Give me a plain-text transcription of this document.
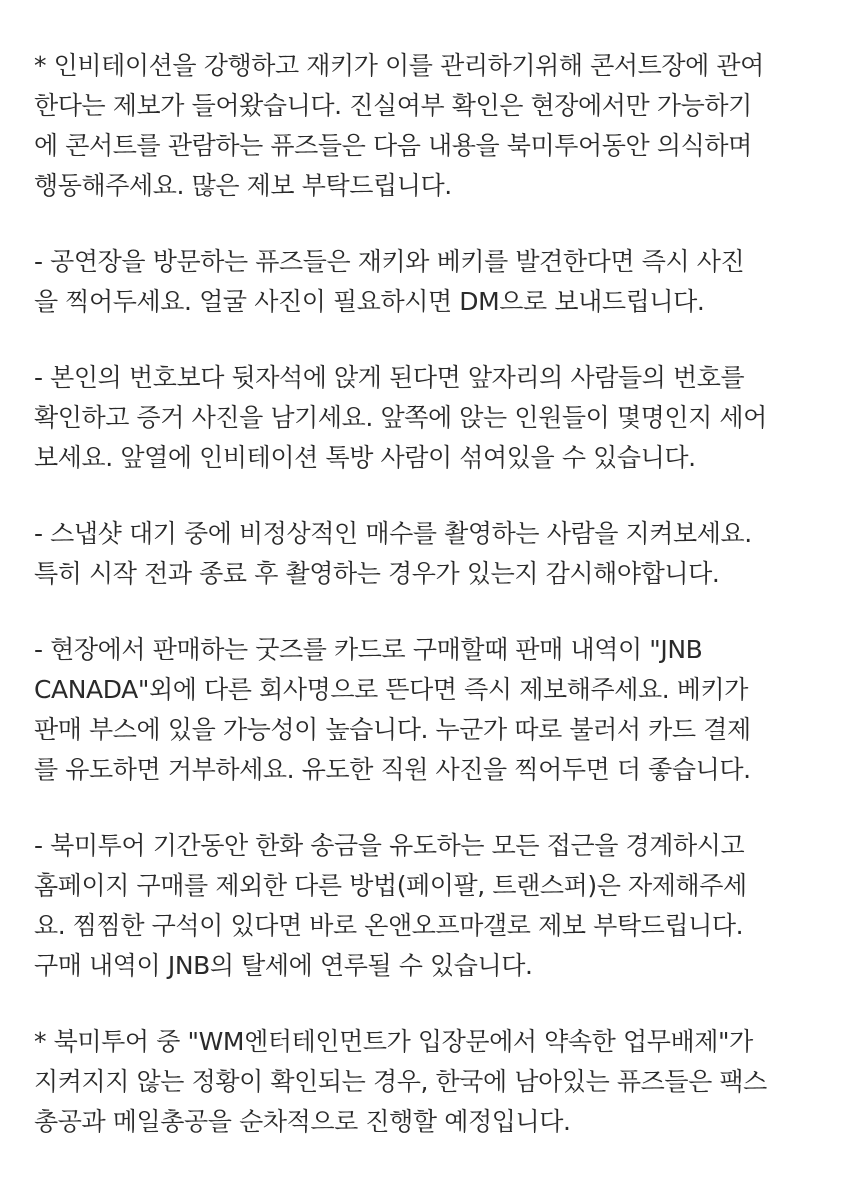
* 인비테이션을 강행하고 재키가 이를 관리하기위해 콘서트장에 관여
한다는 제보가 들어왔습니다. 진실여부 확인은 현장에서만 가능하기
에 콘서트를 관람하는 퓨즈들은 다음 내용을 북미투어동안 의식하며
행동해주세요. 많은 제보 부탁드립니다.
- 공연장을 방문하는 퓨즈들은 재키와 베키를 발견한다면 즉시 사진
을 찍어두세요. 얼굴 사진이 필요하시면 DM으로 보내드립니다.
- 본인의 번호보다 뒷자석에 앉게 된다면 앞자리의 사람들의 번호를
확인하고 증거 사진을 남기세요. 앞쪽에 앉는 인원들이 몇명인지 세어
보세요. 앞열에 인비테이션 톡방 사람이 섞여있을 수 있습니다.
- 스냅샷 대기 중에 비정상적인 매수를 촬영하는 사람을 지켜보세요.
특히 시작 전과 종료 후 촬영하는 경우가 있는지 감시해야합니다.
- 현장에서 판매하는 굿즈를 카드로 구매할때 판매 내역이 "JNB
CANADA"외에 다른 회사명으로 뜬다면 즉시 제보해주세요. 베키가
판매 부스에 있을 가능성이 높습니다. 누군가 따로 불러서 카드 결제
를 유도하면 거부하세요. 유도한 직원 사진을 찍어두면 더 좋습니다.
- 북미투어 기간동안 한화 송금을 유도하는 모든 접근을 경계하시고
홈페이지 구매를 제외한 다른 방법(페이팔, 트랜스퍼)은 자제해주세
요. 찜찜한 구석이 있다면 바로 온앤오프마갤로 제보 부탁드립니다.
구매 내역이 JNB의 탈세에 연루될 수 있습니다.
* 북미투어 중 "WM엔터테인먼트가 입장문에서 약속한 업무배제"가
지켜지지 않는 정황이 확인되는 경우, 한국에 남아있는 퓨즈들은 팩스
총공과 메일총공을 순차적으로 진행할 예정입니다.
